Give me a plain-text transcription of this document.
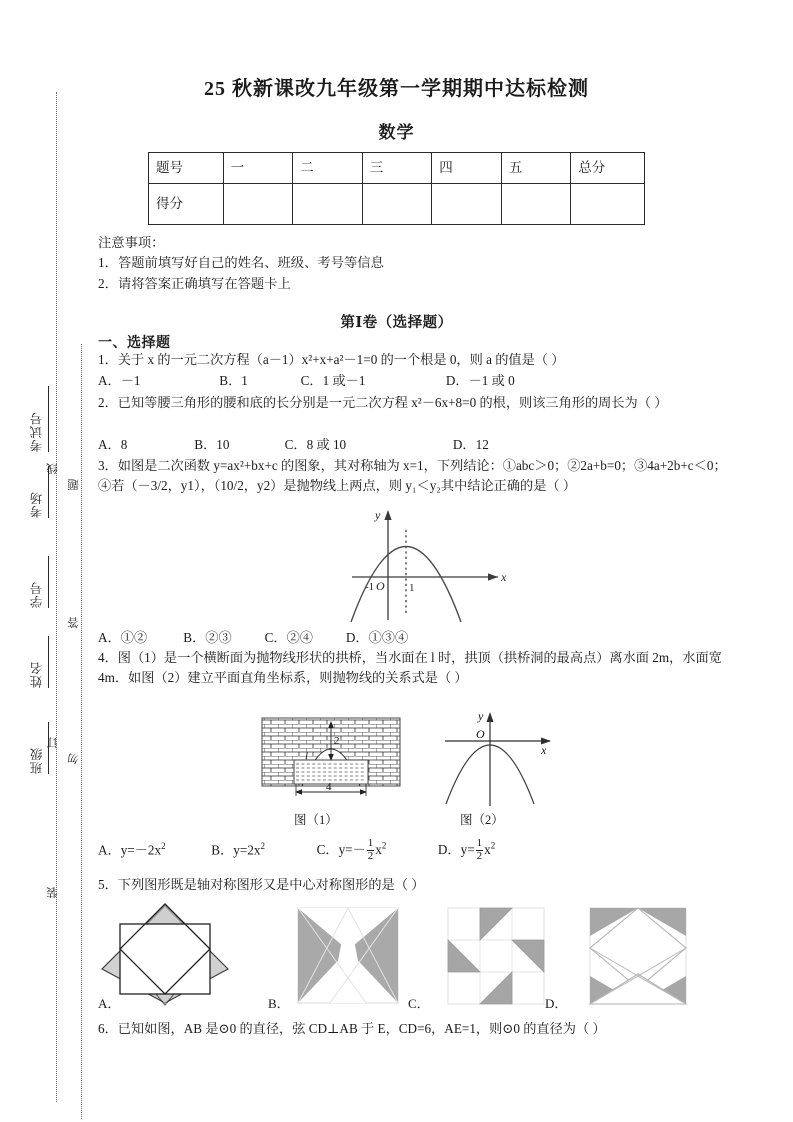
考试号
考场
学号
姓名
班级
线
订
装
题
答
勿
25 秋新课改九年级第一学期期中达标检测
数学
题号	一	二	三	四	五	总分
得分						
注意事项：
1．答题前填写好自己的姓名、班级、考号等信息
2．请将答案正确填写在答题卡上
第Ⅰ卷（选择题）
一、选择题
1．关于 x 的一元二次方程（a－1）x²+x+a²－1=0 的一个根是 0，则 a 的值是（ ）
A．－1	B．1	C．1 或－1	D．－1 或 0
2．已知等腰三角形的腰和底的长分别是一元二次方程 x²－6x+8=0 的根，则该三角形的周长为（ ）
A．8	B．10	C．8 或 10	D．12
3．如图是二次函数 y=ax²+bx+c 的图象，其对称轴为 x=1，下列结论：①abc＞0；②2a+b=0；③4a+2b+c＜0；④若（－3/2，y1），（10/2，y2）是抛物线上两点，则 y₁＜y₂其中结论正确的是（ ）
-1 O 1
x
y
A．①②	B．②③ C．②④ D．①③④
4．图（1）是一个横断面为抛物线形状的拱桥，当水面在 l 时，拱顶（拱桥洞的最高点）离水面 2m，水面宽 4m．如图（2）建立平面直角坐标系，则抛物线的关系式是（ ）
2
4
l
O
x
y
图（1）	图（2）
A．$y=-2x^2$	B．$y=2x^2$	C．$y=- \frac{1}{2} x^2$	D．$y= \frac{1}{2} x^2$
5．下列图形既是轴对称图形又是中心对称图形的是（ ）
A．	B．	C．	D．
6．已知如图，AB 是⊙0 的直径，弦 CD⊥AB 于 E，CD=6，AE=1，则⊙0 的直径为（ ）
